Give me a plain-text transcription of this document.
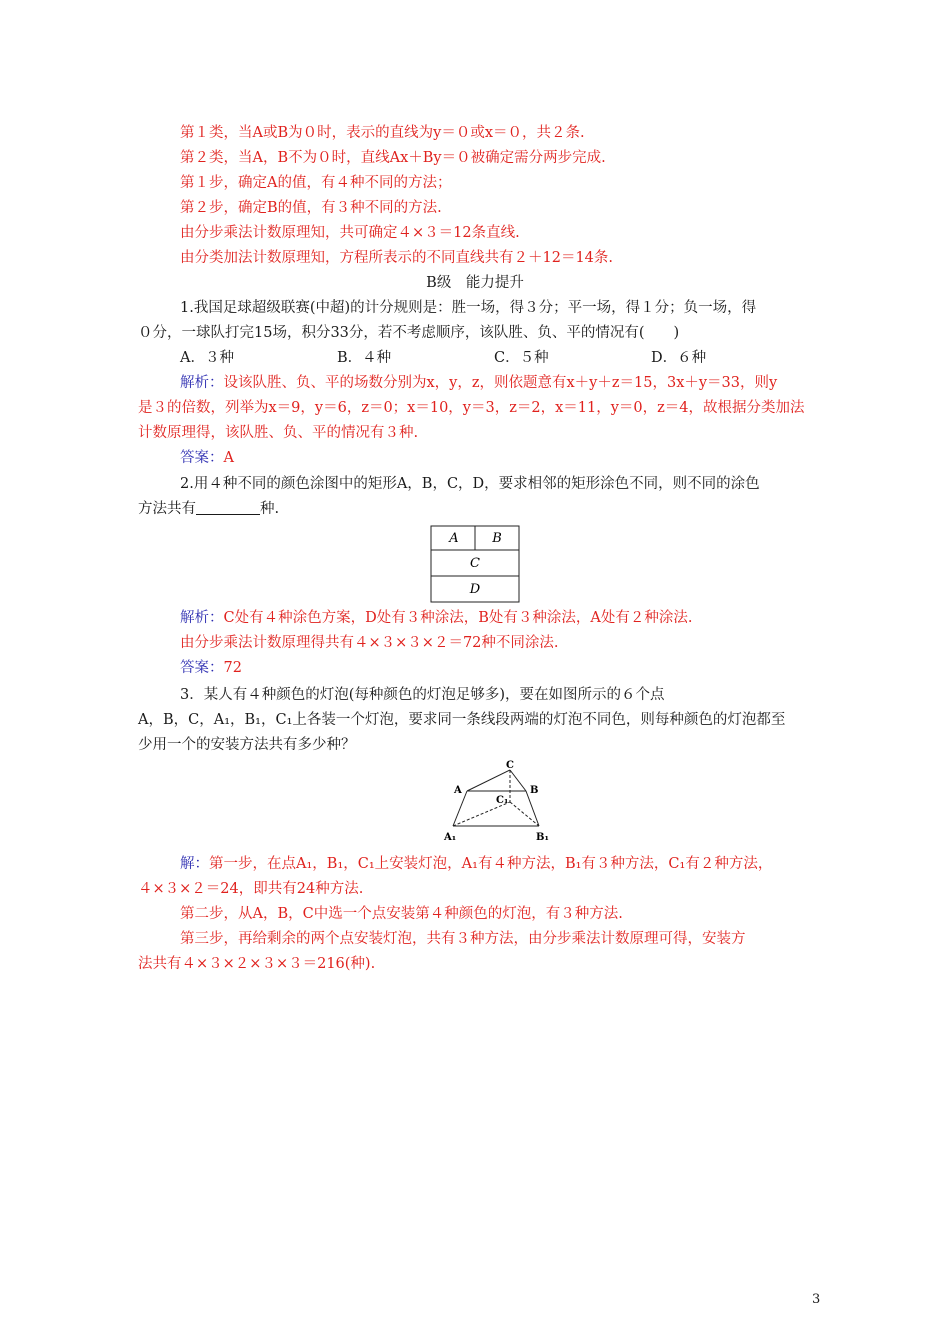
第１类，当A或B为０时，表示的直线为y＝０或x＝０，共２条.
第２类，当A，B不为０时，直线Ax＋By＝０被确定需分两步完成.
第１步，确定A的值，有４种不同的方法；
第２步，确定B的值，有３种不同的方法.
由分步乘法计数原理知，共可确定４×３＝12条直线.
由分类加法计数原理知，方程所表示的不同直线共有２＋12＝14条.
B级　能力提升
1.我国足球超级联赛(中超)的计分规则是：胜一场，得３分；平一场，得１分；负一场，得
０分，一球队打完15场，积分33分，若不考虑顺序，该队胜、负、平的情况有(　　)
A．３种	B．４种	C．５种	D．６种
解析：设该队胜、负、平的场数分别为x，y，z，则依题意有x＋y＋z＝15，3x＋y＝33，则y
是３的倍数，列举为x＝9，y＝6，z＝0；x＝10，y＝3，z＝2，x＝11，y＝0，z＝4，故根据分类加法
计数原理得，该队胜、负、平的情况有３种.
答案：A
2.用４种不同的颜色涂图中的矩形A，B，C，D，要求相邻的矩形涂色不同，则不同的涂色
方法共有	种.
A	B
C
D
解析：C处有４种涂色方案，D处有３种涂法，B处有３种涂法，A处有２种涂法.
由分步乘法计数原理得共有４×３×３×２＝72种不同涂法.
答案：72
3．某人有４种颜色的灯泡(每种颜色的灯泡足够多)，要在如图所示的６个点
A，B，C，A₁，B₁，C₁上各装一个灯泡，要求同一条线段两端的灯泡不同色，则每种颜色的灯泡都至
少用一个的安装方法共有多少种？
C
A	B
C₁
A₁	B₁
解：第一步，在点A₁，B₁，C₁上安装灯泡，A₁有４种方法，B₁有３种方法，C₁有２种方法，
４×３×２＝24，即共有24种方法.
第二步，从A，B，C中选一个点安装第４种颜色的灯泡，有３种方法.
第三步，再给剩余的两个点安装灯泡，共有３种方法，由分步乘法计数原理可得，安装方
法共有４×３×２×３×３＝216(种).
3
